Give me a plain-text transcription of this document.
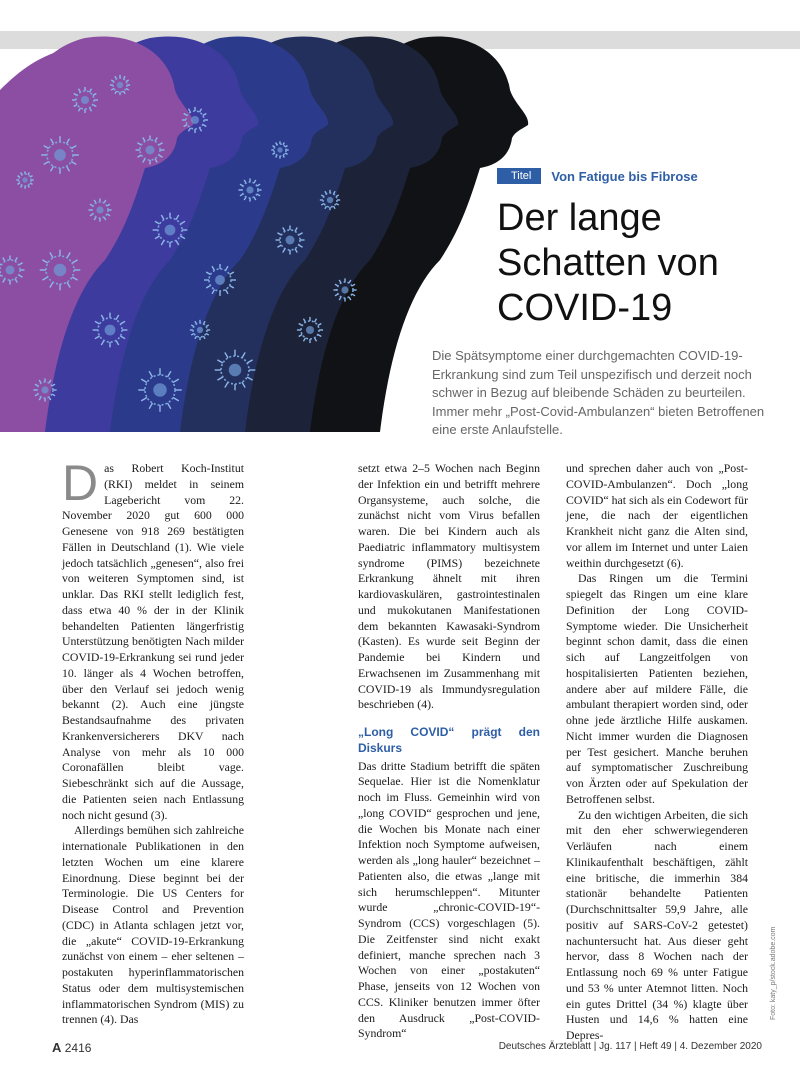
Titel	Von Fatigue bis Fibrose
Der lange
Schatten von
COVID-19
Die Spätsymptome einer durchgemachten COVID-19-Erkrankung sind zum Teil unspezifisch und derzeit noch schwer in Bezug auf bleibende Schäden zu beurteilen. Immer mehr „Post-Covid-Ambulanzen“ bieten Betroffenen eine erste Anlaufstelle.

Das Robert Koch-Institut (RKI) meldet in seinem Lagebericht vom 22. November 2020 gut 600 000 Genesene von 918 269 bestätigten Fällen in Deutschland (1). Wie viele jedoch tatsächlich „genesen“, also frei von weiteren Symptomen sind, ist unklar. Das RKI stellt lediglich fest, dass etwa 40 % der in der Klinik behandelten Patienten längerfristig Unterstützung benötigten Nach milder COVID-19-Erkrankung sei rund jeder 10. länger als 4 Wochen betroffen, über den Verlauf sei jedoch wenig bekannt (2). Auch eine jüngste Bestandsaufnahme des privaten Krankenversicherers DKV nach Analyse von mehr als 10 000 Coronafällen bleibt vage. Siebeschränkt sich auf die Aussage, die Patienten seien nach Entlassung noch nicht gesund (3).

Allerdings bemühen sich zahlreiche internationale Publikationen in den letzten Wochen um eine klarere Einordnung. Diese beginnt bei der Terminologie. Die US Centers for Disease Control and Prevention (CDC) in Atlanta schlagen jetzt vor, die „akute“ COVID-19-Erkrankung zunächst von einem – eher seltenen – postakuten hyperinflammatorischen Status oder dem multisystemischen inflammatorischen Syndrom (MIS) zu trennen (4). Das

setzt etwa 2–5 Wochen nach Beginn der Infektion ein und betrifft mehrere Organsysteme, auch solche, die zunächst nicht vom Virus befallen waren. Die bei Kindern auch als Paediatric inflammatory multisystem syndrome (PIMS) bezeichnete Erkrankung ähnelt mit ihren kardiovaskulären, gastrointestinalen und mukokutanen Manifestationen dem bekannten Kawasaki-Syndrom (Kasten). Es wurde seit Beginn der Pandemie bei Kindern und Erwachsenen im Zusammenhang mit COVID-19 als Immundysregulation beschrieben (4).

„Long COVID“ prägt den Diskurs

Das dritte Stadium betrifft die späten Sequelae. Hier ist die Nomenklatur noch im Fluss. Gemeinhin wird von „long COVID“ gesprochen und jene, die Wochen bis Monate nach einer Infektion noch Symptome aufweisen, werden als „long hauler“ bezeichnet – Patienten also, die etwas „lange mit sich herumschleppen“. Mitunter wurde „chronic-COVID-19“-Syndrom (CCS) vorgeschlagen (5). Die Zeitfenster sind nicht exakt definiert, manche sprechen nach 3 Wochen von einer „postakuten“ Phase, jenseits von 12 Wochen von CCS. Kliniker benutzen immer öfter den Ausdruck „Post-COVID-Syndrom“

und sprechen daher auch von „Post-COVID-Ambulanzen“. Doch „long COVID“ hat sich als ein Codewort für jene, die nach der eigentlichen Krankheit nicht ganz die Alten sind, vor allem im Internet und unter Laien weithin durchgesetzt (6).

Das Ringen um die Termini spiegelt das Ringen um eine klare Definition der Long COVID-Symptome wieder. Die Unsicherheit beginnt schon damit, dass die einen sich auf Langzeitfolgen von hospitalisierten Patienten beziehen, andere aber auf mildere Fälle, die ambulant therapiert worden sind, oder ohne jede ärztliche Hilfe auskamen. Nicht immer wurden die Diagnosen per Test gesichert. Manche beruhen auf symptomatischer Zuschreibung von Ärzten oder auf Spekulation der Betroffenen selbst.

Zu den wichtigen Arbeiten, die sich mit den eher schwerwiegenderen Verläufen nach einem Klinikaufenthalt beschäftigen, zählt eine britische, die immerhin 384 stationär behandelte Patienten (Durchschnittsalter 59,9 Jahre, alle positiv auf SARS-CoV-2 getestet) nachuntersucht hat. Aus dieser geht hervor, dass 8 Wochen nach der Entlassung noch 69 % unter Fatigue und 53 % unter Atemnot litten. Noch ein gutes Drittel (34 %) klagte über Husten und 14,6 % hatten eine Depres-

Foto: katy_p/stock.adobe.com
A 2416	Deutsches Ärzteblatt | Jg. 117 | Heft 49 | 4. Dezember 2020
